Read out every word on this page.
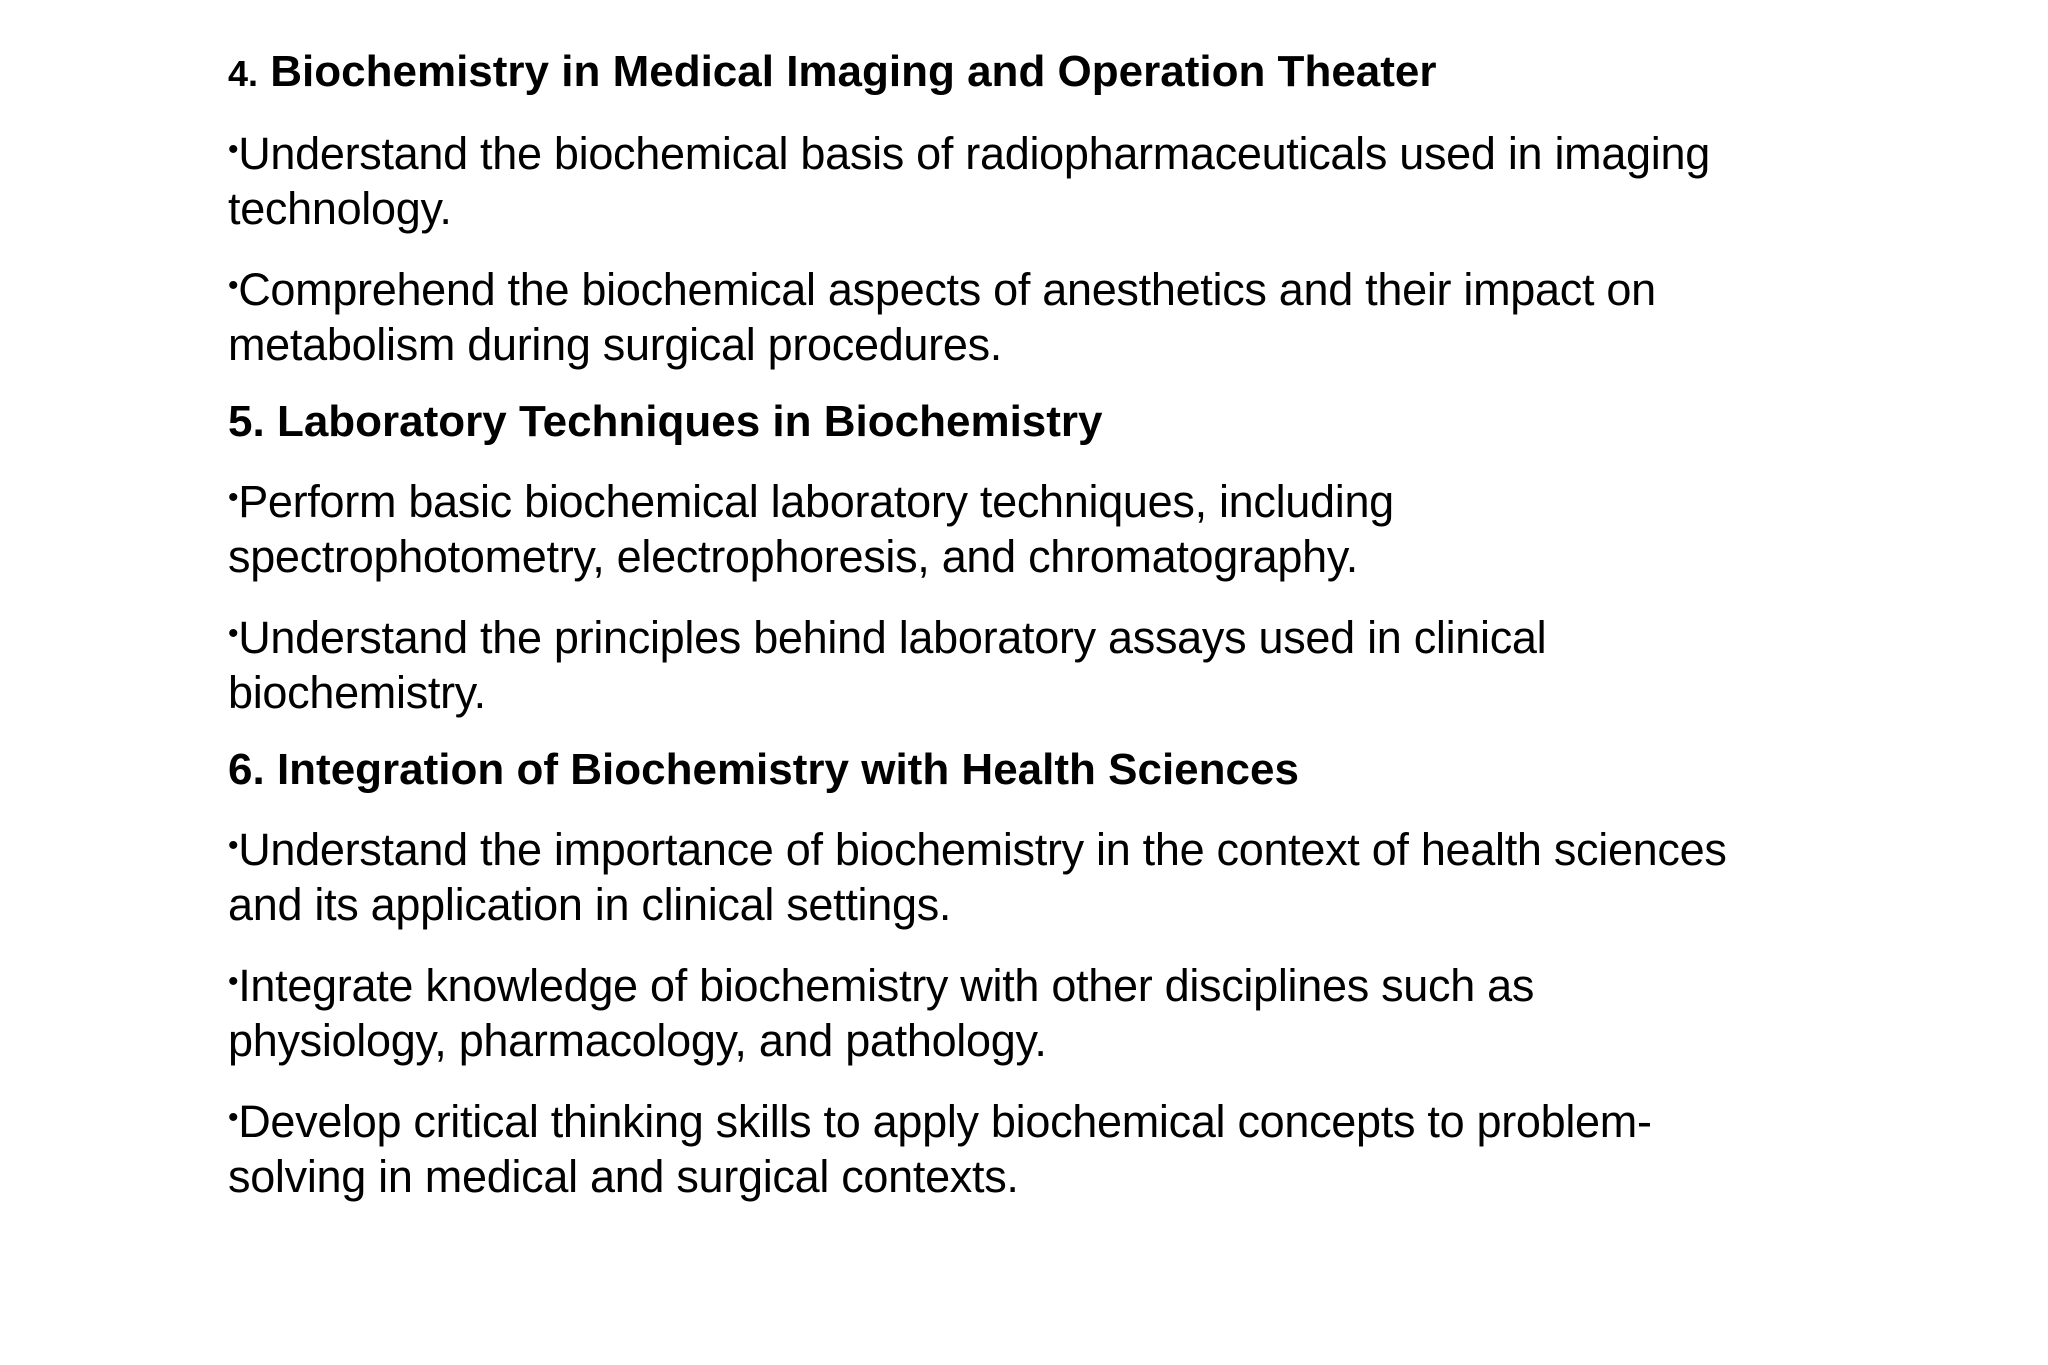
4. Biochemistry in Medical Imaging and Operation Theater
•Understand the biochemical basis of radiopharmaceuticals used in imaging technology.
•Comprehend the biochemical aspects of anesthetics and their impact on metabolism during surgical procedures.
5. Laboratory Techniques in Biochemistry
•Perform basic biochemical laboratory techniques, including spectrophotometry, electrophoresis, and chromatography.
•Understand the principles behind laboratory assays used in clinical biochemistry.
6. Integration of Biochemistry with Health Sciences
•Understand the importance of biochemistry in the context of health sciences and its application in clinical settings.
•Integrate knowledge of biochemistry with other disciplines such as physiology, pharmacology, and pathology.
•Develop critical thinking skills to apply biochemical concepts to problem-solving in medical and surgical contexts.
